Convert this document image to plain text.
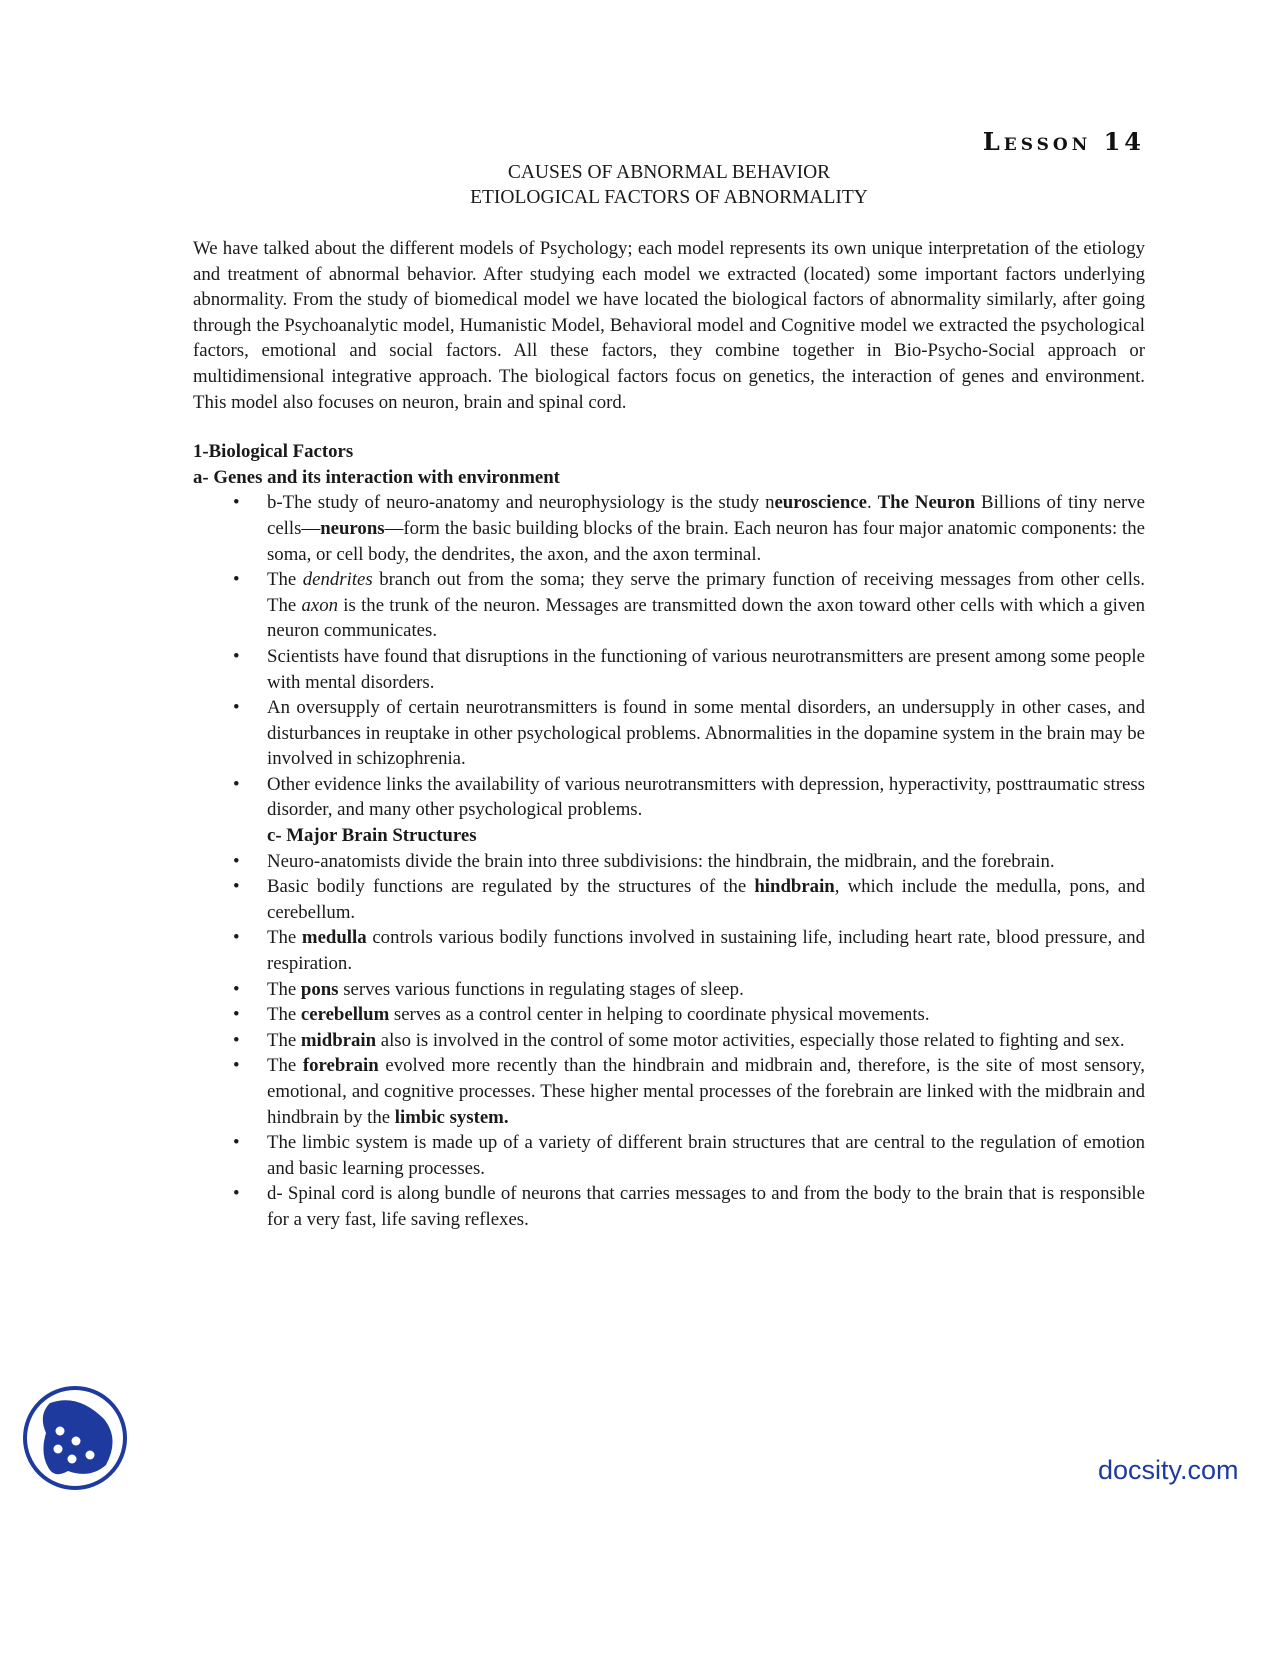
Lesson 14
CAUSES OF ABNORMAL BEHAVIOR
ETIOLOGICAL FACTORS OF ABNORMALITY

We have talked about the different models of Psychology; each model represents its own unique interpretation of the etiology and treatment of abnormal behavior. After studying each model we extracted (located) some important factors underlying abnormality. From the study of biomedical model we have located the biological factors of abnormality similarly, after going through the Psychoanalytic model, Humanistic Model, Behavioral model and Cognitive model we extracted the psychological factors, emotional and social factors. All these factors, they combine together in Bio-Psycho-Social approach or multidimensional integrative approach. The biological factors focus on genetics, the interaction of genes and environment. This model also focuses on neuron, brain and spinal cord.

1-Biological Factors

a- Genes and its interaction with environment

• b-The study of neuro-anatomy and neurophysiology is the study neuroscience. The Neuron Billions of tiny nerve cells—neurons—form the basic building blocks of the brain. Each neuron has four major anatomic components: the soma, or cell body, the dendrites, the axon, and the axon terminal.
• The dendrites branch out from the soma; they serve the primary function of receiving messages from other cells. The axon is the trunk of the neuron. Messages are transmitted down the axon toward other cells with which a given neuron communicates.
• Scientists have found that disruptions in the functioning of various neurotransmitters are present among some people with mental disorders.
• An oversupply of certain neurotransmitters is found in some mental disorders, an undersupply in other cases, and disturbances in reuptake in other psychological problems. Abnormalities in the dopamine system in the brain may be involved in schizophrenia.
• Other evidence links the availability of various neurotransmitters with depression, hyperactivity, posttraumatic stress disorder, and many other psychological problems.
c- Major Brain Structures
• Neuro-anatomists divide the brain into three subdivisions: the hindbrain, the midbrain, and the forebrain.
• Basic bodily functions are regulated by the structures of the hindbrain, which include the medulla, pons, and cerebellum.
• The medulla controls various bodily functions involved in sustaining life, including heart rate, blood pressure, and respiration.
• The pons serves various functions in regulating stages of sleep.
• The cerebellum serves as a control center in helping to coordinate physical movements.
• The midbrain also is involved in the control of some motor activities, especially those related to fighting and sex.
• The forebrain evolved more recently than the hindbrain and midbrain and, therefore, is the site of most sensory, emotional, and cognitive processes. These higher mental processes of the forebrain are linked with the midbrain and hindbrain by the limbic system.
• The limbic system is made up of a variety of different brain structures that are central to the regulation of emotion and basic learning processes.
• d- Spinal cord is along bundle of neurons that carries messages to and from the body to the brain that is responsible for a very fast, life saving reflexes.
docsity.com
